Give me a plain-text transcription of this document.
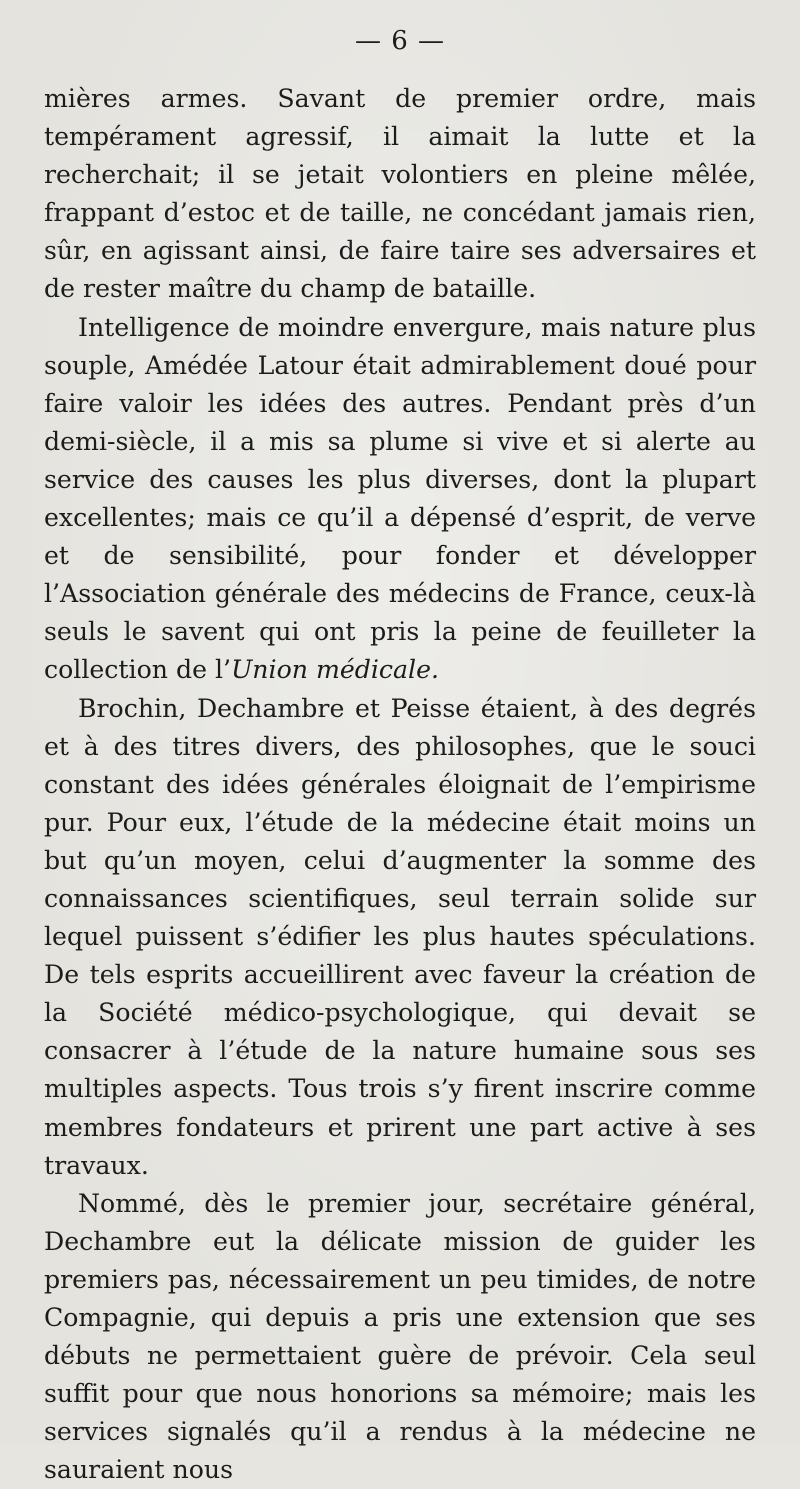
— 6 —

mières armes. Savant de premier ordre, mais tempérament agressif, il aimait la lutte et la recherchait; il se jetait volontiers en pleine mêlée, frappant d’estoc et de taille, ne concédant jamais rien, sûr, en agissant ainsi, de faire taire ses adversaires et de rester maître du champ de bataille.

Intelligence de moindre envergure, mais nature plus souple, Amédée Latour était admirablement doué pour faire valoir les idées des autres. Pendant près d’un demi-siècle, il a mis sa plume si vive et si alerte au service des causes les plus diverses, dont la plupart excellentes; mais ce qu’il a dépensé d’esprit, de verve et de sensibilité, pour fonder et développer l’Association générale des médecins de France, ceux-là seuls le savent qui ont pris la peine de feuilleter la collection de l’Union médicale.

Brochin, Dechambre et Peisse étaient, à des degrés et à des titres divers, des philosophes, que le souci constant des idées générales éloignait de l’empirisme pur. Pour eux, l’étude de la médecine était moins un but qu’un moyen, celui d’augmenter la somme des connaissances scientifiques, seul terrain solide sur lequel puissent s’édifier les plus hautes spéculations. De tels esprits accueillirent avec faveur la création de la Société médico-psychologique, qui devait se consacrer à l’étude de la nature humaine sous ses multiples aspects. Tous trois s’y firent inscrire comme membres fondateurs et prirent une part active à ses travaux.

Nommé, dès le premier jour, secrétaire général, Dechambre eut la délicate mission de guider les premiers pas, nécessairement un peu timides, de notre Compagnie, qui depuis a pris une extension que ses débuts ne permettaient guère de prévoir. Cela seul suffit pour que nous honorions sa mémoire; mais les services signalés qu’il a rendus à la médecine ne sauraient nous
